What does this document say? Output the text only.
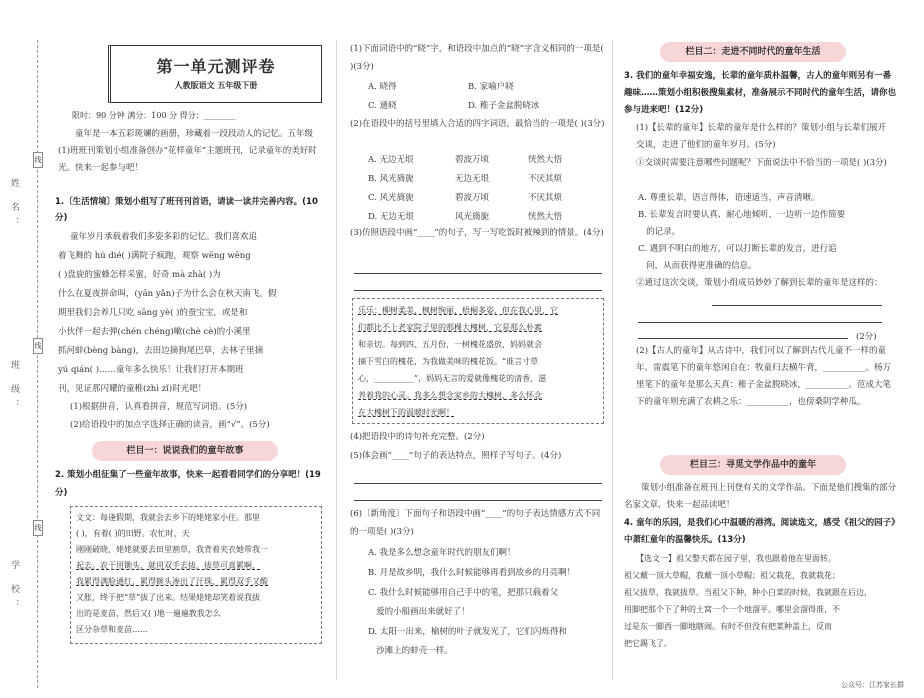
姓 名：
班 级：
学 校：
线
线
线
第一单元测评卷
人教版语文 五年级下册
限时：90 分钟 满分：100 分 得分：________
童年是一本五彩斑斓的画册，珍藏着一段段动人的记忆。五年级(1)班班刊策划小组准备创办“花样童年”主题班刊，记录童年的美好时光。快来一起参与吧！
1.〔生活情境〕策划小组写了班刊刊首语，请读一读并完善内容。(10分)
童年岁月承载着我们多姿多彩的记忆。我们喜欢追
着飞舞的 hú dié( )满院子疯跑，观察 wēng wēng
( )盘旋的蜜蜂怎样采蜜，好奇 mà zhà( )为
什么在夏夜拼命叫，(yān yǎn)子为什么会在秋天南飞。假
期里我们会养几只吃 sāng yè( )的蚕宝宝，或是和
小伙伴一起去弹(chén chéng)嗽(chè cè)的小溪里
抓河蚌(bèng bàng)，去田边摘狗尾巴草，去林子里摘
yú qián( )……童年多么快乐！让我们打开本期班
刊，见证那闪耀的童稚(zhì zǐ)时光吧！
(1)根据拼音，认真看拼音，规范写词语。(5分)
(2)给语段中的加点字选择正确的读音，画“√”。(5分)
栏目一：说说我们的童年故事
2. 策划小组征集了一些童年故事，快来一起看看同学们的分享吧！(19分)
文文：每逢假期，我就会去乡下的姥姥家小住。那里
( )，有着( )的田野。农忙时，天
刚刚破晓，姥姥就要去田里割草，我背着夹衣她带我一
起去。农干用锄头，就用双手去拔。拔草可真累啊，
我累得满脸通红，累得额头渗出了汗珠，累得双手又酸
又胀，终于把“草”拔了出来。结果姥姥却笑着说我拔
出的是麦苗，然后又( )地一遍遍教我怎么
区分杂草和麦苗……
(1)下面词语中的“晓”字，和语段中加点的“晓”字含义相同的一项是( )(3分)
A. 晓得	B. 家喻户晓
C. 通晓	D. 稚子金盆脱晓冰
(2)在语段中的括号里填入合适的四字词语，最恰当的一项是( )(3分)
A. 无边无垠	碧波万顷	恍然大悟
B. 风光旖旎	无边无垠	不厌其烦
C. 风光旖旎	碧波万顷	不厌其烦
D. 无边无垠	风光旖旎	恍然大悟
(3)仿照语段中画“____”的句子，写一写吃饭时被辣到的情景。(4分)
乐乐：柳树柔美，枫树绚丽，梧桐多姿，但在我心里，它
们都比不上老家院子里的那棵大槐树，它是那么朴素
和亲切。每到四、五月份，一树槐花盛放，妈妈就会
摘下雪白的槐花，为我做美味的槐花饭。“谁言寸草
心，__________”，妈妈无言的爱就像槐花的清香，滋
养着我的心灵。我多么想念家乡的大槐树，多么怀念
在大槐树下的温暖时光啊！
(4)把语段中的诗句补充完整。(2分)
(5)体会画“____”句子的表达特点，照样子写句子。(4分)
(6)〔新角度〕下面句子和语段中画“____”的句子表达情感方式不同的一项是( )(3分)
A. 我是多么想念童年时代的朋友们啊！
B. 月是故乡明，我什么时候能够再看到故乡的月亮啊！
C. 我什么时候能够用自己手中的笔，把那只载着父
爱的小船画出来就好了！
D. 太阳一出来，榆树的叶子就发光了，它们闪烁得和
沙滩上的蚌壳一样。
栏目二：走进不同时代的童年生活
3. 我们的童年幸福安逸，长辈的童年质朴温馨，古人的童年则另有一番趣味……策划小组积极搜集素材，准备展示不同时代的童年生活，请你也参与进来吧！(12分)
(1)【长辈的童年】长辈的童年是什么样的？策划小组与长辈们展开交谈，走进了他们的童年岁月。(5分)
①交谈时需要注意哪些问题呢？下面说法中不恰当的一项是( )(3分)
A. 尊重长辈，语言得体，语速适当，声音清晰。
B. 长辈发言时要认真、耐心地倾听，一边听一边作简要
的记录。
C. 遇到不明白的地方，可以打断长辈的发言，进行追
问，从而获得更准确的信息。
②通过这次交谈，策划小组成员妙妙了解到长辈的童年是这样的：
(2分)
(2)【古人的童年】从古诗中，我们可以了解到古代儿童不一样的童年。雷震笔下的童年悠闲自在：牧童归去横牛背，__________。杨万里笔下的童年是那么天真：稚子金盆脱晓冰，__________。范成大笔下的童年则充满了农耕之乐：__________，也傍桑阴学种瓜。
栏目三：寻觅文学作品中的童年
策划小组准备在班刊上刊登有关的文学作品。下面是他们搜集的部分名家文章，快来一起品读吧！
4. 童年的乐园，是我们心中温暖的港湾。阅读选文，感受《祖父的园子》中萧红童年的温馨快乐。(13分)
【选文一】祖父整天都在园子里，我也跟着他在里面转。
祖父戴一顶大草帽，我戴一顶小草帽；祖父栽花，我就栽花；
祖父拔草，我就拔草。当祖父下种，种小白菜的时候，我就跟在后边，
用脚把那个下了种的土窝一个一个地溜平。哪里会溜得准，不
过是东一脚西一脚地瞎闹。有时不但没有把菜种盖上，反而
把它踢飞了。
公众号：江苏家长群
